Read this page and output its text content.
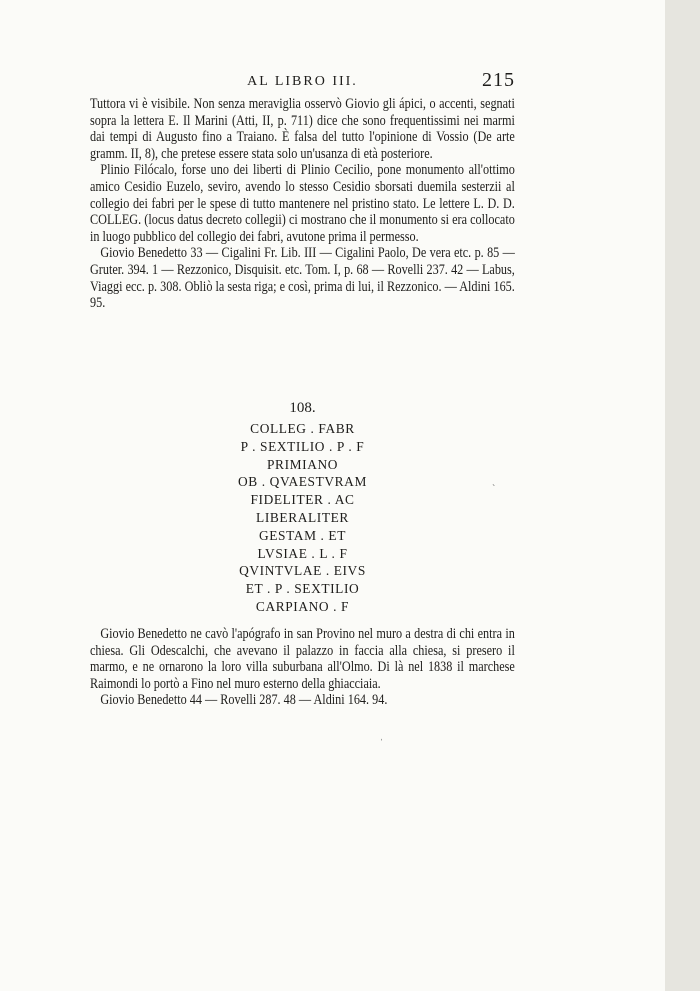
AL LIBRO III.	215

Tuttora vi è visibile. Non senza meraviglia osservò Giovio gli ápici, o accenti, segnati sopra la lettera E. Il Marini (Atti, II, p. 711) dice che sono frequentissimi nei marmi dai tempi di Augusto fino a Traiano. È falsa del tutto l'opinione di Vossio (De arte gramm. II, 8), che pretese essere stata solo un'usanza di età posteriore.

Plinio Filócalo, forse uno dei liberti di Plinio Cecilio, pone monumento all'ottimo amico Cesidio Euzelo, seviro, avendo lo stesso Cesidio sborsati duemila sesterzii al collegio dei fabri per le spese di tutto mantenere nel pristino stato. Le lettere L. D. D. COLLEG. (locus datus decreto collegii) ci mostrano che il monumento si era collocato in luogo pubblico del collegio dei fabri, avutone prima il permesso.

Giovio Benedetto 33 — Cigalini Fr. Lib. III — Cigalini Paolo, De vera etc. p. 85 — Gruter. 394. 1 — Rezzonico, Disquisit. etc. Tom. I, p. 68 — Rovelli 237. 42 — Labus, Viaggi ecc. p. 308. Obliò la sesta riga; e così, prima di lui, il Rezzonico. — Aldini 165. 95.

108.
COLLEG . FABR
P . SEXTILIO . P . F
PRIMIANO
OB . QVAESTVRAM
FIDELITER . AC
LIBERALITER
GESTAM . ET
LVSIAE . L . F
QVINTVLAE . EIVS
ET . P . SEXTILIO
CARPIANO . F

Giovio Benedetto ne cavò l'apógrafo in san Provino nel muro a destra di chi entra in chiesa. Gli Odescalchi, che avevano il palazzo in faccia alla chiesa, si presero il marmo, e ne ornarono la loro villa suburbana all'Olmo. Di là nel 1838 il marchese Raimondi lo portò a Fino nel muro esterno della ghiacciaia.

Giovio Benedetto 44 — Rovelli 287. 48 — Aldini 164. 94.

ˋ
ˈ
